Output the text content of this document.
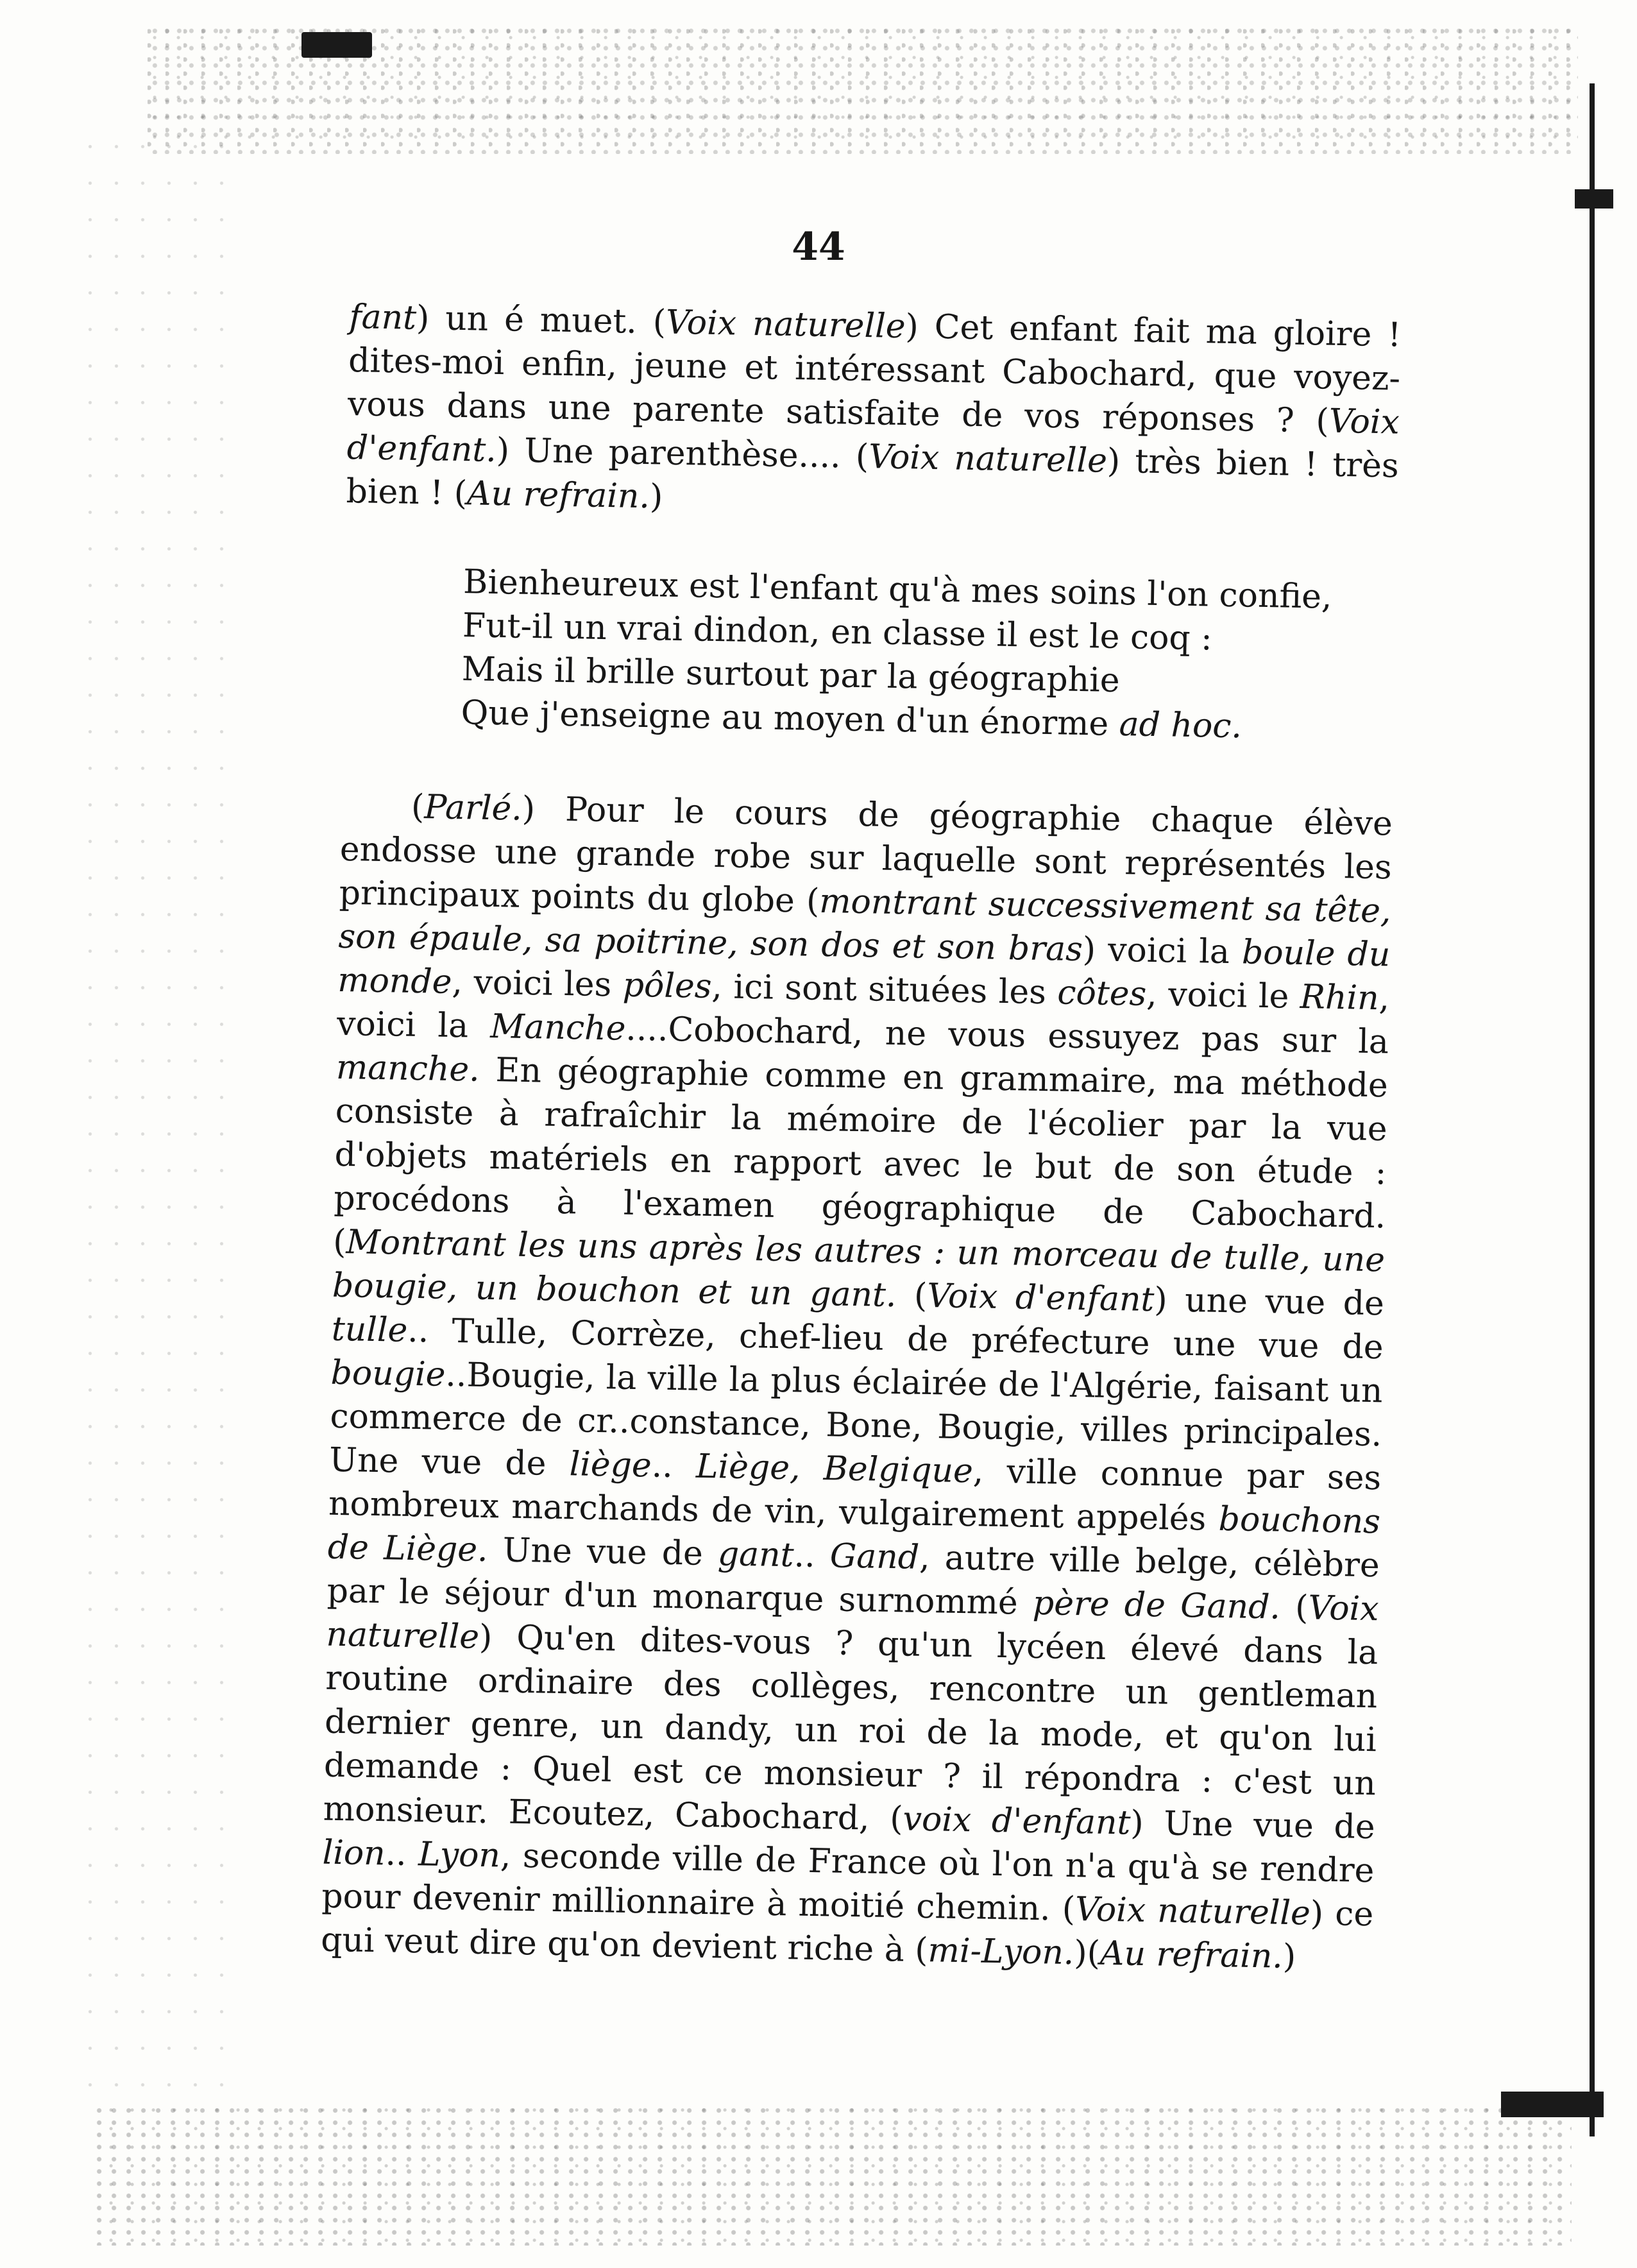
44

fant) un é muet. (Voix naturelle) Cet enfant fait ma gloire ! dites-moi enfin, jeune et intéressant Cabochard, que voyez-vous dans une parente satisfaite de vos réponses ? (Voix d'enfant.) Une parenthèse.... (Voix naturelle) très bien ! très bien ! (Au refrain.)

Bienheureux est l'enfant qu'à mes soins l'on confie,
Fut-il un vrai dindon, en classe il est le coq :
Mais il brille surtout par la géographie
Que j'enseigne au moyen d'un énorme ad hoc.

(Parlé.) Pour le cours de géographie chaque élève endosse une grande robe sur laquelle sont représentés les principaux points du globe (montrant successivement sa tête, son épaule, sa poitrine, son dos et son bras) voici la boule du monde, voici les pôles, ici sont situées les côtes, voici le Rhin, voici la Manche....Cobochard, ne vous essuyez pas sur la manche. En géographie comme en grammaire, ma méthode consiste à rafraîchir la mémoire de l'écolier par la vue d'objets matériels en rapport avec le but de son étude : procédons à l'examen géographique de Cabochard. (Montrant les uns après les autres : un morceau de tulle, une bougie, un bouchon et un gant. (Voix d'enfant) une vue de tulle.. Tulle, Corrèze, chef-lieu de préfecture une vue de bougie..Bougie, la ville la plus éclairée de l'Algérie, faisant un commerce de cr..constance, Bone, Bougie, villes principales. Une vue de liège.. Liège, Belgique, ville connue par ses nombreux marchands de vin, vulgairement appelés bouchons de Liège. Une vue de gant.. Gand, autre ville belge, célèbre par le séjour d'un monarque surnommé père de Gand. (Voix naturelle) Qu'en dites-vous ? qu'un lycéen élevé dans la routine ordinaire des collèges, rencontre un gentleman dernier genre, un dandy, un roi de la mode, et qu'on lui demande : Quel est ce monsieur ? il répondra : c'est un monsieur. Ecoutez, Cabochard, (voix d'enfant) Une vue de lion.. Lyon, seconde ville de France où l'on n'a qu'à se rendre pour devenir millionnaire à moitié chemin. (Voix naturelle) ce qui veut dire qu'on devient riche à (mi-Lyon.)(Au refrain.)
